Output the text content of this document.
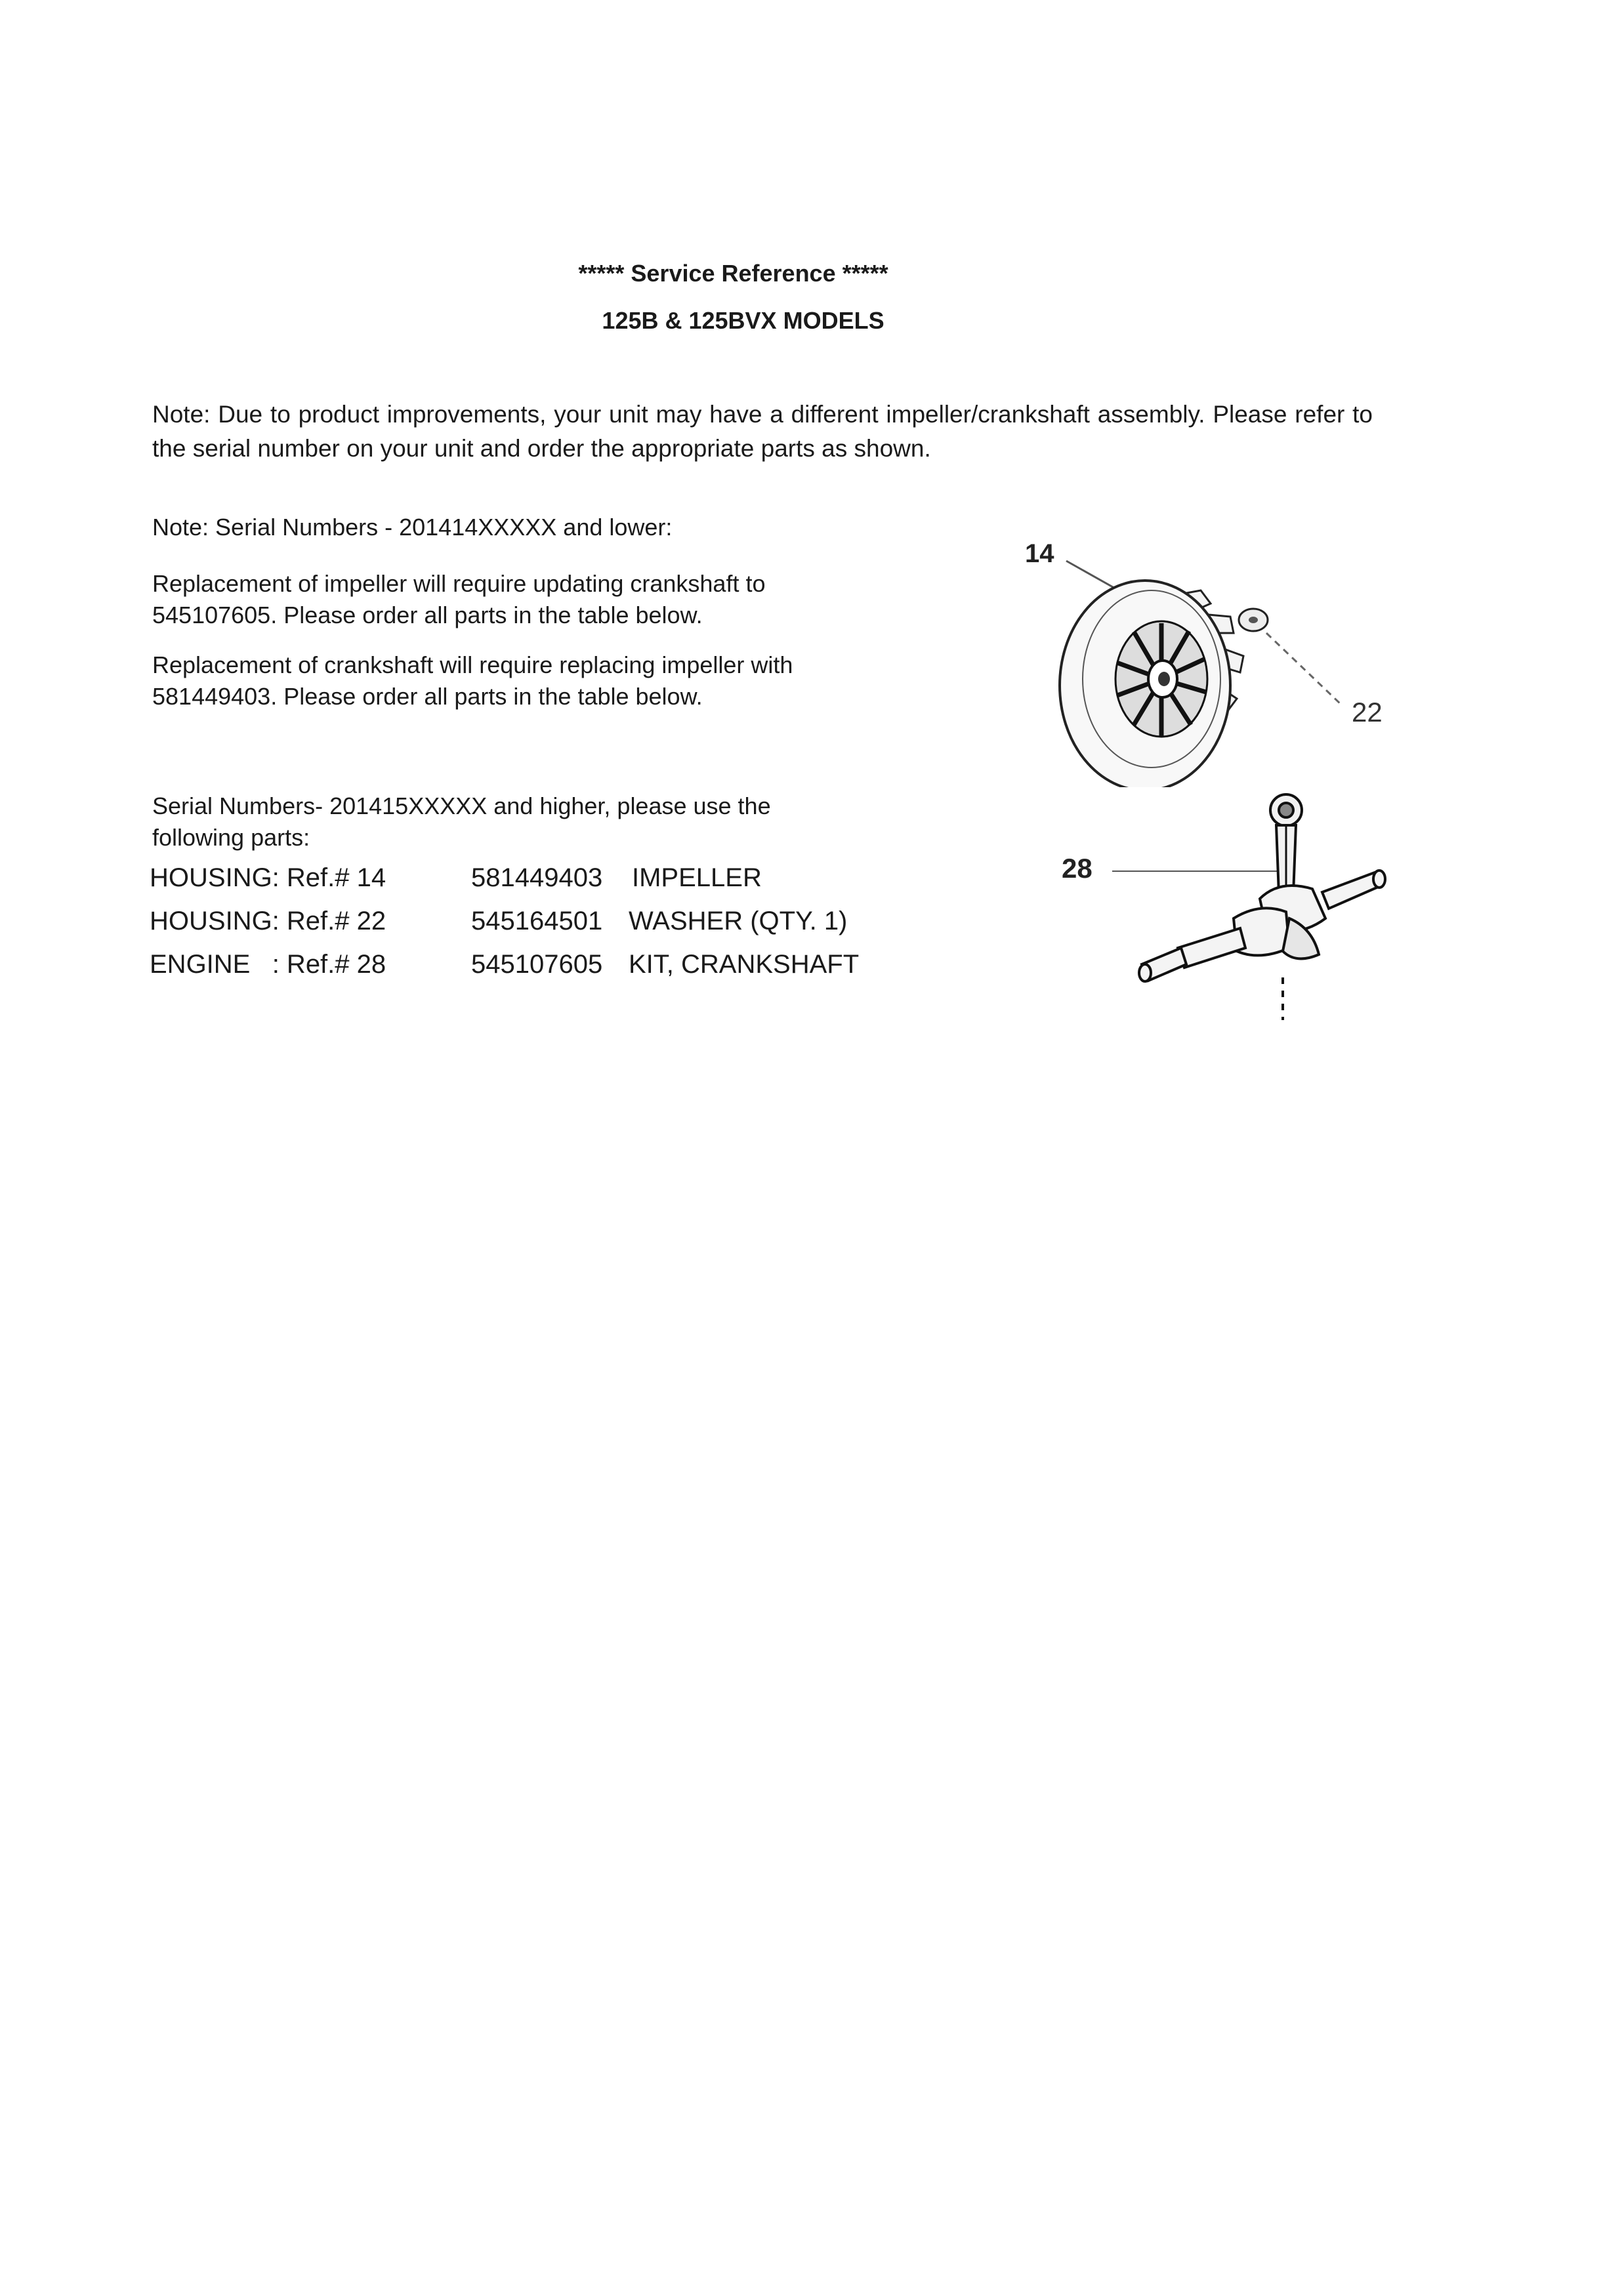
***** Service Reference *****
125B & 125BVX MODELS
Note: Due to product improvements, your unit may have a different impeller/crankshaft assembly. Please refer to the serial number on your unit and order the appropriate parts as shown.
Note: Serial Numbers - 201414XXXXX and lower:
Replacement of impeller will require updating crankshaft to 545107605. Please order all parts in the table below.
Replacement of crankshaft will require replacing impeller with 581449403. Please order all parts in the table below.
Serial Numbers- 201415XXXXX and higher, please use the following parts:
HOUSING: Ref.# 14	581449403 IMPELLER
HOUSING: Ref.# 22	545164501 WASHER (QTY. 1)
ENGINE   : Ref.# 28	545107605 KIT, CRANKSHAFT
14
22
28
